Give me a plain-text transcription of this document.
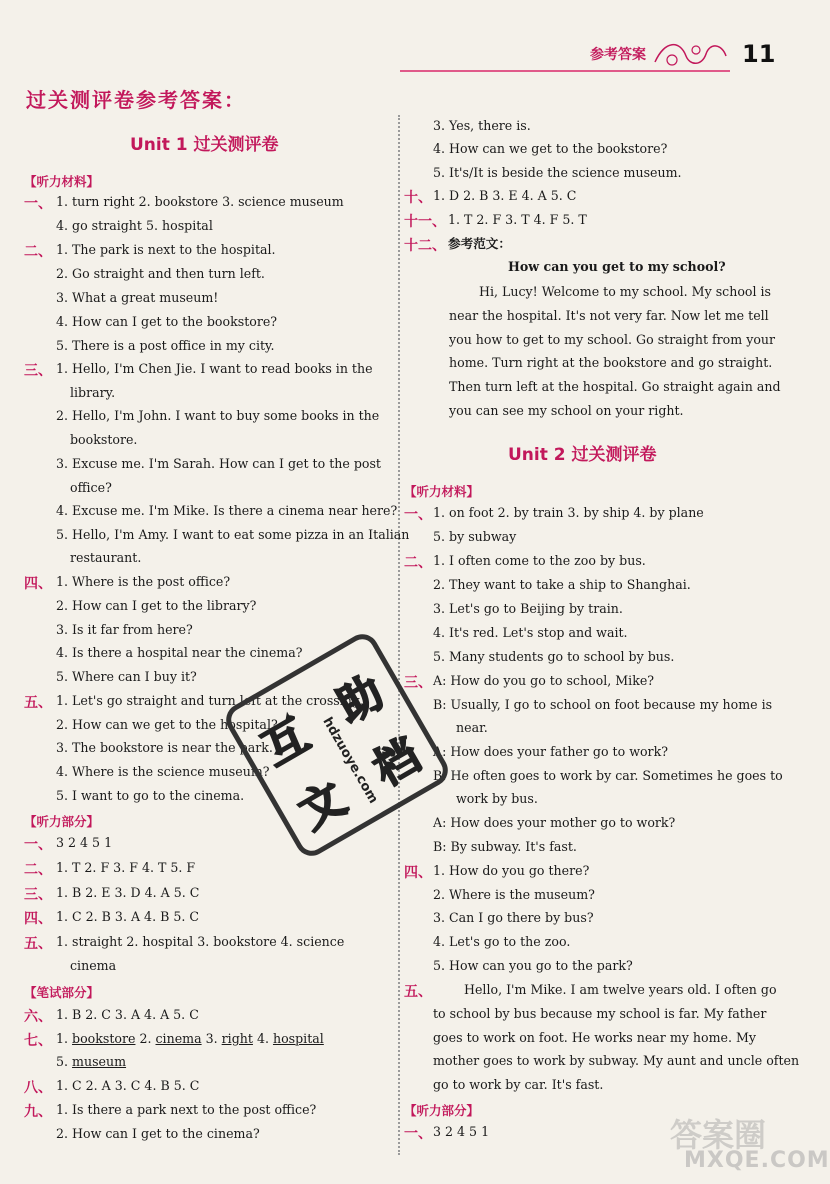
参考答案	11
过关测评卷参考答案：
Unit 1 过关测评卷
【听力材料】
一、 1. turn right 2. bookstore 3. science museum
4. go straight 5. hospital
二、 1. The park is next to the hospital.
2. Go straight and then turn left.
3. What a great museum!
4. How can I get to the bookstore?
5. There is a post office in my city.
三、 1. Hello, I'm Chen Jie. I want to read books in the
library.
2. Hello, I'm John. I want to buy some books in the
bookstore.
3. Excuse me. I'm Sarah. How can I get to the post
office?
4. Excuse me. I'm Mike. Is there a cinema near here?
5. Hello, I'm Amy. I want to eat some pizza in an Italian
restaurant.
四、 1. Where is the post office?
2. How can I get to the library?
3. Is it far from here?
4. Is there a hospital near the cinema?
5. Where can I buy it?
五、 1. Let's go straight and turn left at the crossing.
2. How can we get to the hospital?
3. The bookstore is near the park.
4. Where is the science museum?
5. I want to go to the cinema.
【听力部分】
一、 3 2 4 5 1
二、 1. T 2. F 3. F 4. T 5. F
三、 1. B 2. E 3. D 4. A 5. C
四、 1. C 2. B 3. A 4. B 5. C
五、 1. straight 2. hospital 3. bookstore 4. science
cinema
【笔试部分】
六、 1. B 2. C 3. A 4. A 5. C
七、 1. bookstore 2. cinema 3. right 4. hospital
5. museum
八、 1. C 2. A 3. C 4. B 5. C
九、 1. Is there a park next to the post office?
2. How can I get to the cinema?
3. Yes, there is.
4. How can we get to the bookstore?
5. It's/It is beside the science museum.
十、 1. D 2. B 3. E 4. A 5. C
十一、 1. T 2. F 3. T 4. F 5. T
十二、 参考范文：
How can you get to my school?
Hi, Lucy! Welcome to my school. My school is
near the hospital. It's not very far. Now let me tell
you how to get to my school. Go straight from your
home. Turn right at the bookstore and go straight.
Then turn left at the hospital. Go straight again and
you can see my school on your right.
Unit 2 过关测评卷
【听力材料】
一、 1. on foot 2. by train 3. by ship 4. by plane
5. by subway
二、 1. I often come to the zoo by bus.
2. They want to take a ship to Shanghai.
3. Let's go to Beijing by train.
4. It's red. Let's stop and wait.
5. Many students go to school by bus.
三、 A: How do you go to school, Mike?
B: Usually, I go to school on foot because my home is
near.
A: How does your father go to work?
B: He often goes to work by car. Sometimes he goes to
work by bus.
A: How does your mother go to work?
B: By subway. It's fast.
四、 1. How do you go there?
2. Where is the museum?
3. Can I go there by bus?
4. Let's go to the zoo.
5. How can you go to the park?
五、	Hello, I'm Mike. I am twelve years old. I often go
to school by bus because my school is far. My father
goes to work on foot. He works near my home. My
mother goes to work by subway. My aunt and uncle often
go to work by car. It's fast.
【听力部分】
一、 3 2 4 5 1
互
助
文
档
hdzuoye.com
答案圈
MXQE.COM
